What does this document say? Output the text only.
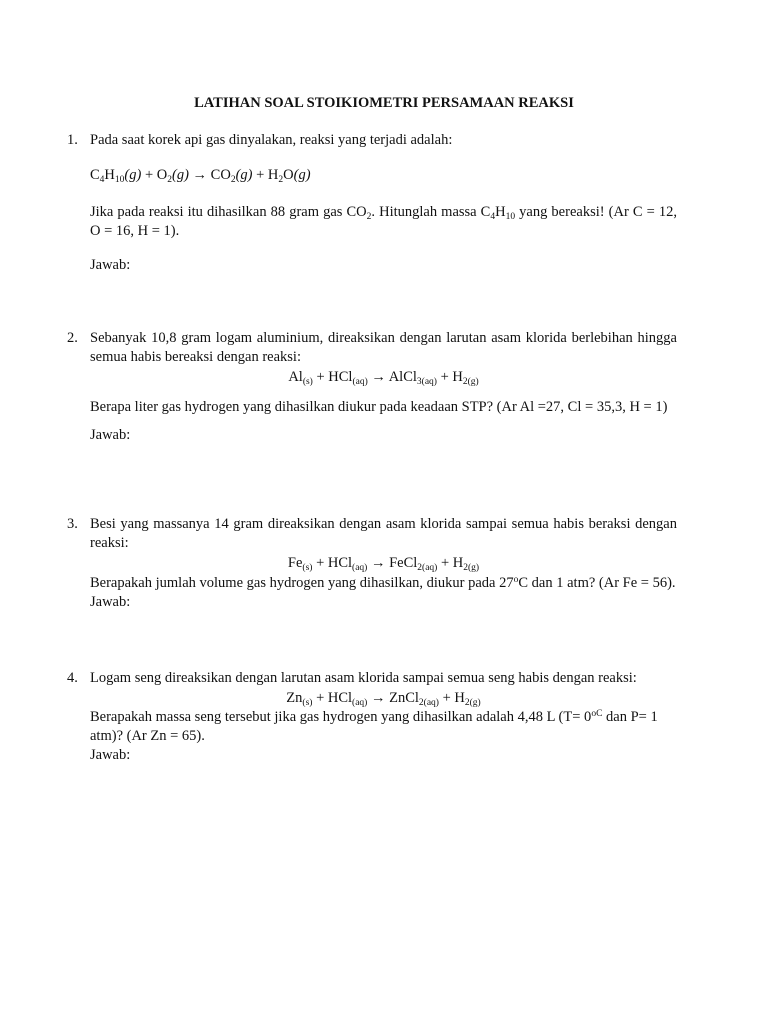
LATIHAN SOAL STOIKIOMETRI PERSAMAAN REAKSI
1. Pada saat korek api gas dinyalakan, reaksi yang terjadi adalah:
$C_4H_{10}(g) + O_2(g) \to CO_2(g) + H_2O(g)$
Jika pada reaksi itu dihasilkan 88 gram gas $CO_2$. Hitunglah massa $C_4H_{10}$ yang bereaksi! (Ar C = 12, O = 16, H = 1).
Jawab:
2. Sebanyak 10,8 gram logam aluminium, direaksikan dengan larutan asam klorida berlebihan hingga semua habis bereaksi dengan reaksi:
$Al_{(s)} + HCl_{(aq)}$ → AlCl$_{3(aq)}$ + $H_{2(g)}$
Berapa liter gas hydrogen yang dihasilkan diukur pada keadaan STP? (Ar Al =27, Cl = 35,3, H = 1)
Jawab:
3. Besi yang massanya 14 gram direaksikan dengan asam klorida sampai semua habis beraksi dengan reaksi:
$Fe_{(s)} + HCl_{(aq)}$ → FeCl$_{2(aq)}$ + $H_{2(g)}$
Berapakah jumlah volume gas hydrogen yang dihasilkan, diukur pada 27$^o$C dan 1 atm? (Ar Fe = 56).
Jawab:
4. Logam seng direaksikan dengan larutan asam klorida sampai semua seng habis dengan reaksi:
$Zn_{(s)} + HCl_{(aq)}$ → ZnCl$_{2(aq)}$ + $H_{2(g)}$
Berapakah massa seng tersebut jika gas hydrogen yang dihasilkan adalah 4,48 L ($T= 0^{oC}$ dan P= 1 atm)? (Ar Zn = 65).
Jawab:
